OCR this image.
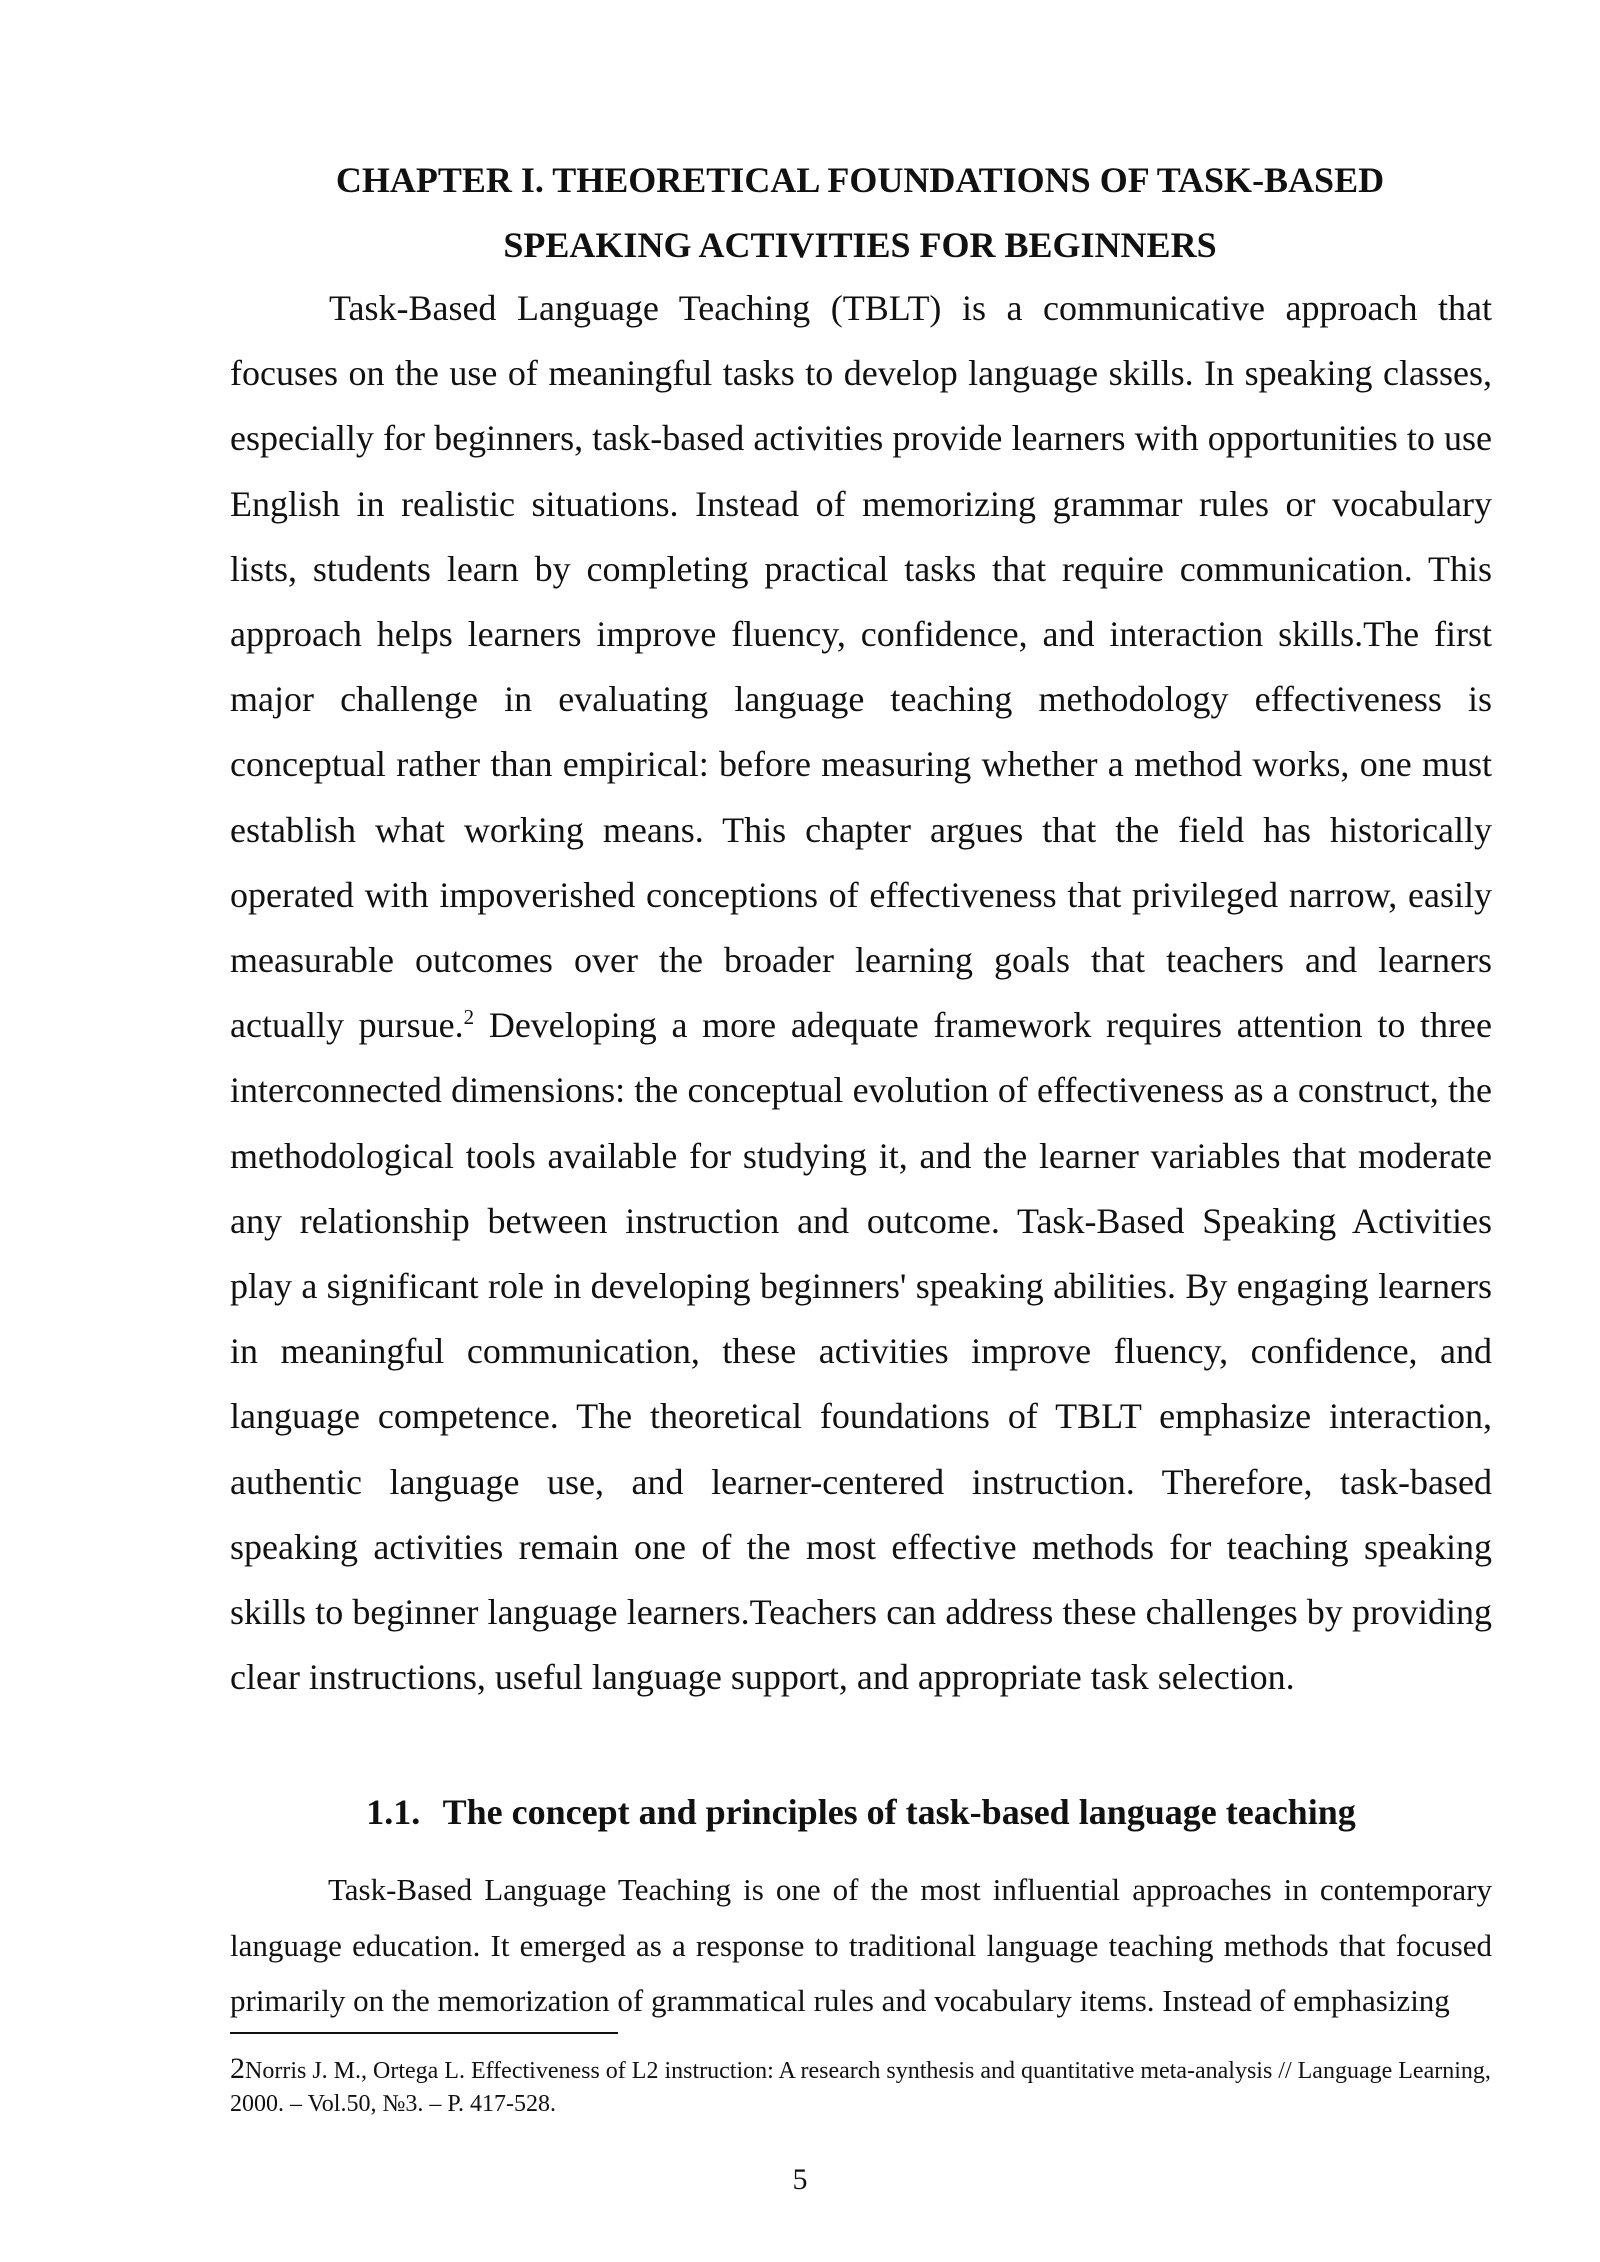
CHAPTER I. THEORETICAL FOUNDATIONS OF TASK-BASED
SPEAKING ACTIVITIES FOR BEGINNERS

Task-Based Language Teaching (TBLT) is a communicative approach that focuses on the use of meaningful tasks to develop language skills. In speaking classes, especially for beginners, task-based activities provide learners with opportunities to use English in realistic situations. Instead of memorizing grammar rules or vocabulary lists, students learn by completing practical tasks that require communication. This approach helps learners improve fluency, confidence, and interaction skills.The first major challenge in evaluating language teaching methodology effectiveness is conceptual rather than empirical: before measuring whether a method works, one must establish what working means. This chapter argues that the field has historically operated with impoverished conceptions of effectiveness that privileged narrow, easily measurable outcomes over the broader learning goals that teachers and learners actually pursue.$^2$ Developing a more adequate framework requires attention to three interconnected dimensions: the conceptual evolution of effectiveness as a construct, the methodological tools available for studying it, and the learner variables that moderate any relationship between instruction and outcome. Task-Based Speaking Activities play a significant role in developing beginners' speaking abilities. By engaging learners in meaningful communication, these activities improve fluency, confidence, and language competence. The theoretical foundations of TBLT emphasize interaction, authentic language use, and learner-centered instruction. Therefore, task-based speaking activities remain one of the most effective methods for teaching speaking skills to beginner language learners.Teachers can address these challenges by providing clear instructions, useful language support, and appropriate task selection.

1.1. The concept and principles of task-based language teaching

Task-Based Language Teaching is one of the most influential approaches in contemporary language education. It emerged as a response to traditional language teaching methods that focused primarily on the memorization of grammatical rules and vocabulary items. Instead of emphasizing

2Norris J. M., Ortega L. Effectiveness of L2 instruction: A research synthesis and quantitative meta-analysis // Language Learning, 2000. – Vol.50, №3. – P. 417-528.

5
